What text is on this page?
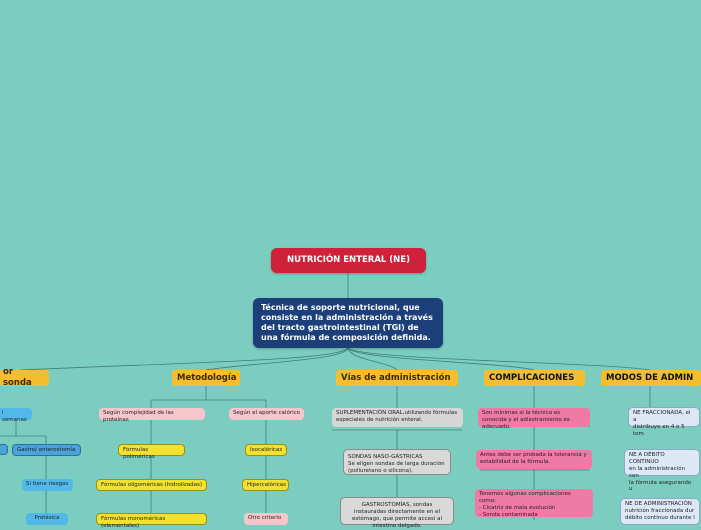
NUTRICIÓN ENTERAL (NE)
Técnica de soporte nutricional, que consiste en la administración a través del tracto gastrointestinal (TGI) de una fórmula de composición definida.
or sonda
l semanas
Gastro/ enterostomía
Si tiene riesgos
Protésica
Metodología
Según complejidad de las proteínas
Según el aporte calórico
Fórmulas poliméricas
Fórmulas oligoméricas (hidrolizadas)
Fórmulas monoméricas (elementales)
Isocalóricas
Hipercalóricas
Otro criterio
Vías de administración
SUPLEMENTACIÓN ORAL,utilizando fórmulas especiales de nutrición enteral.
SONDAS NASO-GÁSTRICAS
Se eligen sondas de larga duración (poliuretano o silicona).
GASTROSTOMÍAS, sondas instauradas directamente en el estómago, que permite accesi al intestino delgado.
COMPLICACIONES
Son mínimas si la técnica es conocida y el adiestramiento es adecuado.
Antes debe ser probada la tolerancia y estabilidad de la fórmula.
Tenemos algunas complicaciones como:
- Cicatriz de mala evolución
- Sonda contaminada
MODOS DE ADMIN
NE FRACCIONADA, el a
distribuye en 4 o 5 tom
NE A DÉBITO CONTINUO
en la administración con
la fórmula asegurando u
NE DE ADMINISTRACIÓN
nutrición fraccionada dur
débito continuo durante l
